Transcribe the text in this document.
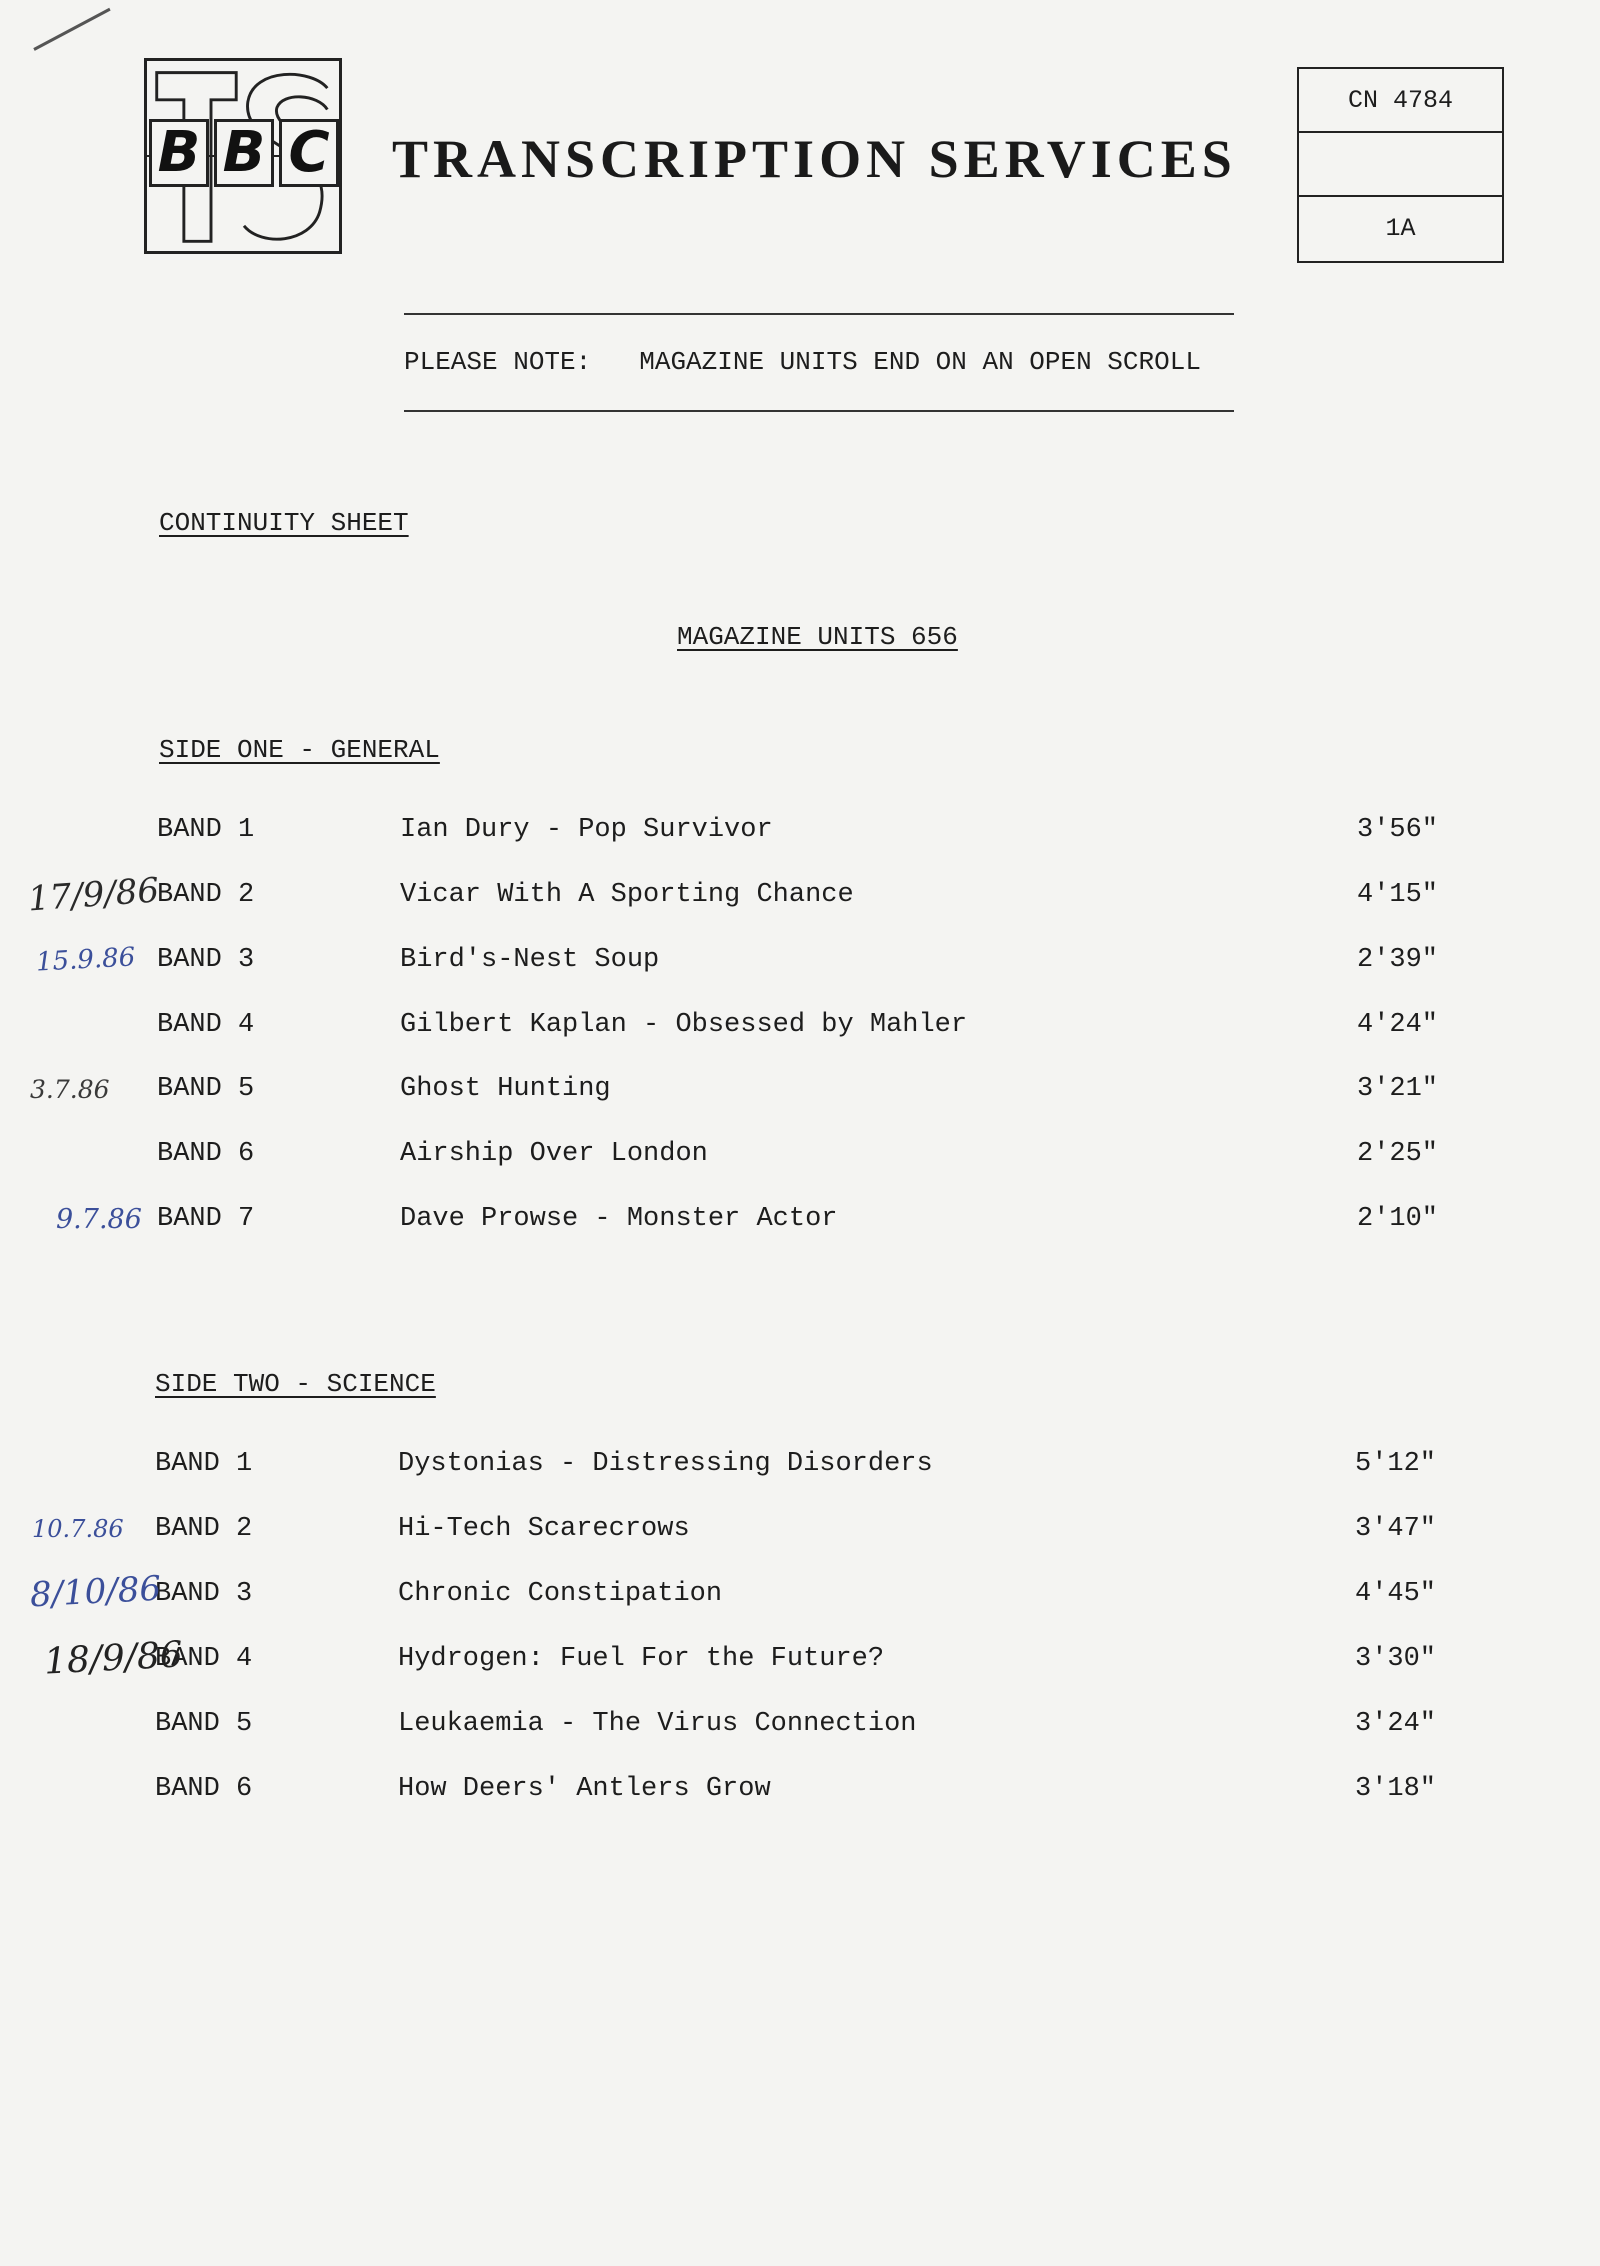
B B C TRANSCRIPTION SERVICES
CN 4784
1A
PLEASE NOTE: MAGAZINE UNITS END ON AN OPEN SCROLL
CONTINUITY SHEET
MAGAZINE UNITS 656
SIDE ONE - GENERAL
BAND 1	Ian Dury - Pop Survivor	3'56"
BAND 2	Vicar With A Sporting Chance	4'15"
BAND 3	Bird's-Nest Soup	2'39"
BAND 4	Gilbert Kaplan - Obsessed by Mahler	4'24"
BAND 5	Ghost Hunting	3'21"
BAND 6	Airship Over London	2'25"
BAND 7	Dave Prowse - Monster Actor	2'10"
SIDE TWO - SCIENCE
BAND 1	Dystonias - Distressing Disorders	5'12"
BAND 2	Hi-Tech Scarecrows	3'47"
BAND 3	Chronic Constipation	4'45"
BAND 4	Hydrogen: Fuel For the Future?	3'30"
BAND 5	Leukaemia - The Virus Connection	3'24"
BAND 6	How Deers' Antlers Grow	3'18"
17/9/86
15.9.86
3.7.86
9.7.86
10.7.86
8/10/86
18/9/86
